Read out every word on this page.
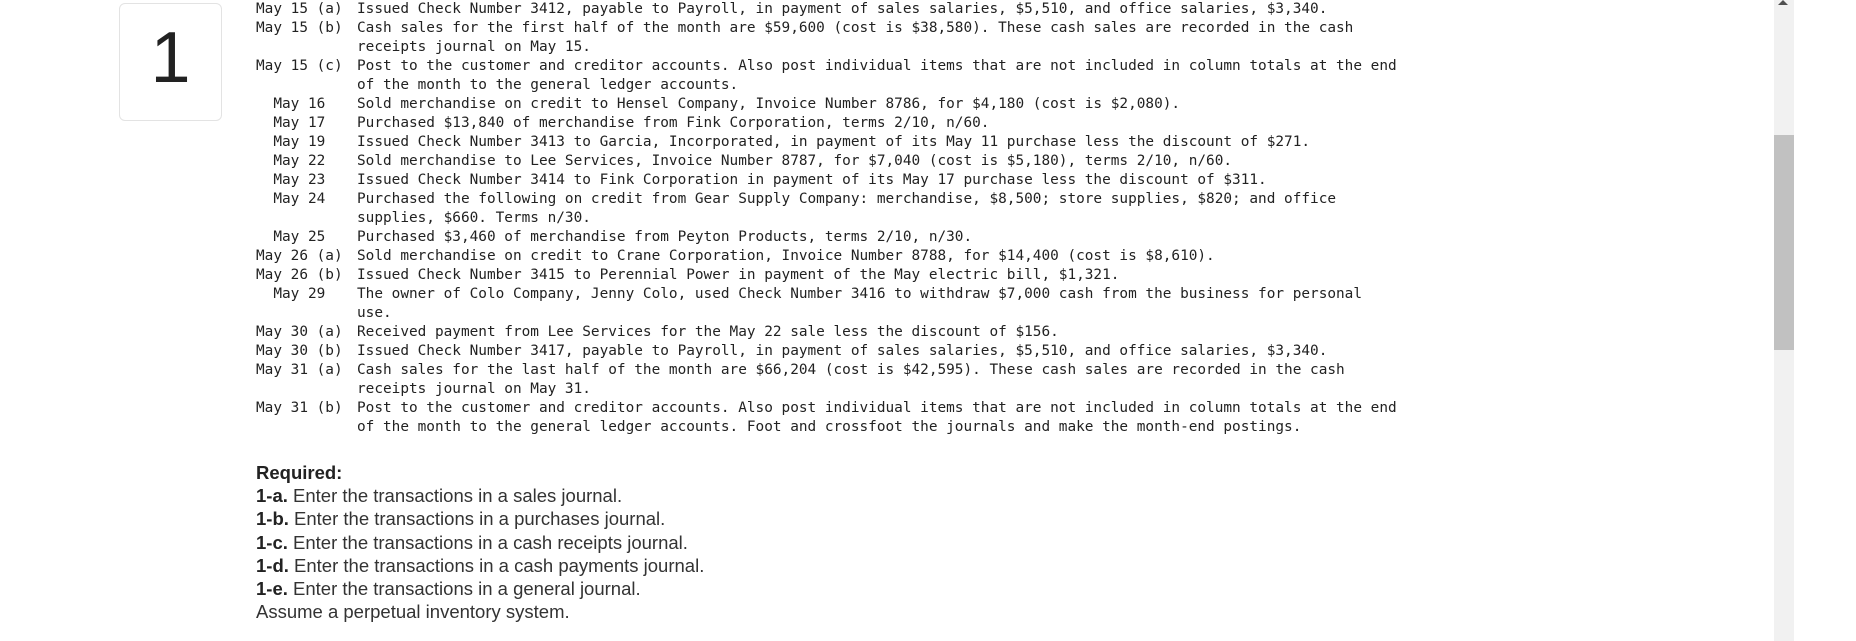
1
May 15 (a) Issued Check Number 3412, payable to Payroll, in payment of sales salaries, $5,510, and office salaries, $3,340.
May 15 (b) Cash sales for the first half of the month are $59,600 (cost is $38,580). These cash sales are recorded in the cash
receipts journal on May 15.
May 15 (c) Post to the customer and creditor accounts. Also post individual items that are not included in column totals at the end
of the month to the general ledger accounts.
May 16	Sold merchandise on credit to Hensel Company, Invoice Number 8786, for $4,180 (cost is $2,080).
May 17	Purchased $13,840 of merchandise from Fink Corporation, terms 2/10, n/60.
May 19	Issued Check Number 3413 to Garcia, Incorporated, in payment of its May 11 purchase less the discount of $271.
May 22	Sold merchandise to Lee Services, Invoice Number 8787, for $7,040 (cost is $5,180), terms 2/10, n/60.
May 23	Issued Check Number 3414 to Fink Corporation in payment of its May 17 purchase less the discount of $311.
May 24	Purchased the following on credit from Gear Supply Company: merchandise, $8,500; store supplies, $820; and office
supplies, $660. Terms n/30.
May 25	Purchased $3,460 of merchandise from Peyton Products, terms 2/10, n/30.
May 26 (a) Sold merchandise on credit to Crane Corporation, Invoice Number 8788, for $14,400 (cost is $8,610).
May 26 (b) Issued Check Number 3415 to Perennial Power in payment of the May electric bill, $1,321.
May 29	The owner of Colo Company, Jenny Colo, used Check Number 3416 to withdraw $7,000 cash from the business for personal
use.
May 30 (a) Received payment from Lee Services for the May 22 sale less the discount of $156.
May 30 (b) Issued Check Number 3417, payable to Payroll, in payment of sales salaries, $5,510, and office salaries, $3,340.
May 31 (a) Cash sales for the last half of the month are $66,204 (cost is $42,595). These cash sales are recorded in the cash
receipts journal on May 31.
May 31 (b) Post to the customer and creditor accounts. Also post individual items that are not included in column totals at the end
of the month to the general ledger accounts. Foot and crossfoot the journals and make the month-end postings.
Required:
1-a. Enter the transactions in a sales journal.
1-b. Enter the transactions in a purchases journal.
1-c. Enter the transactions in a cash receipts journal.
1-d. Enter the transactions in a cash payments journal.
1-e. Enter the transactions in a general journal.
Assume a perpetual inventory system.
